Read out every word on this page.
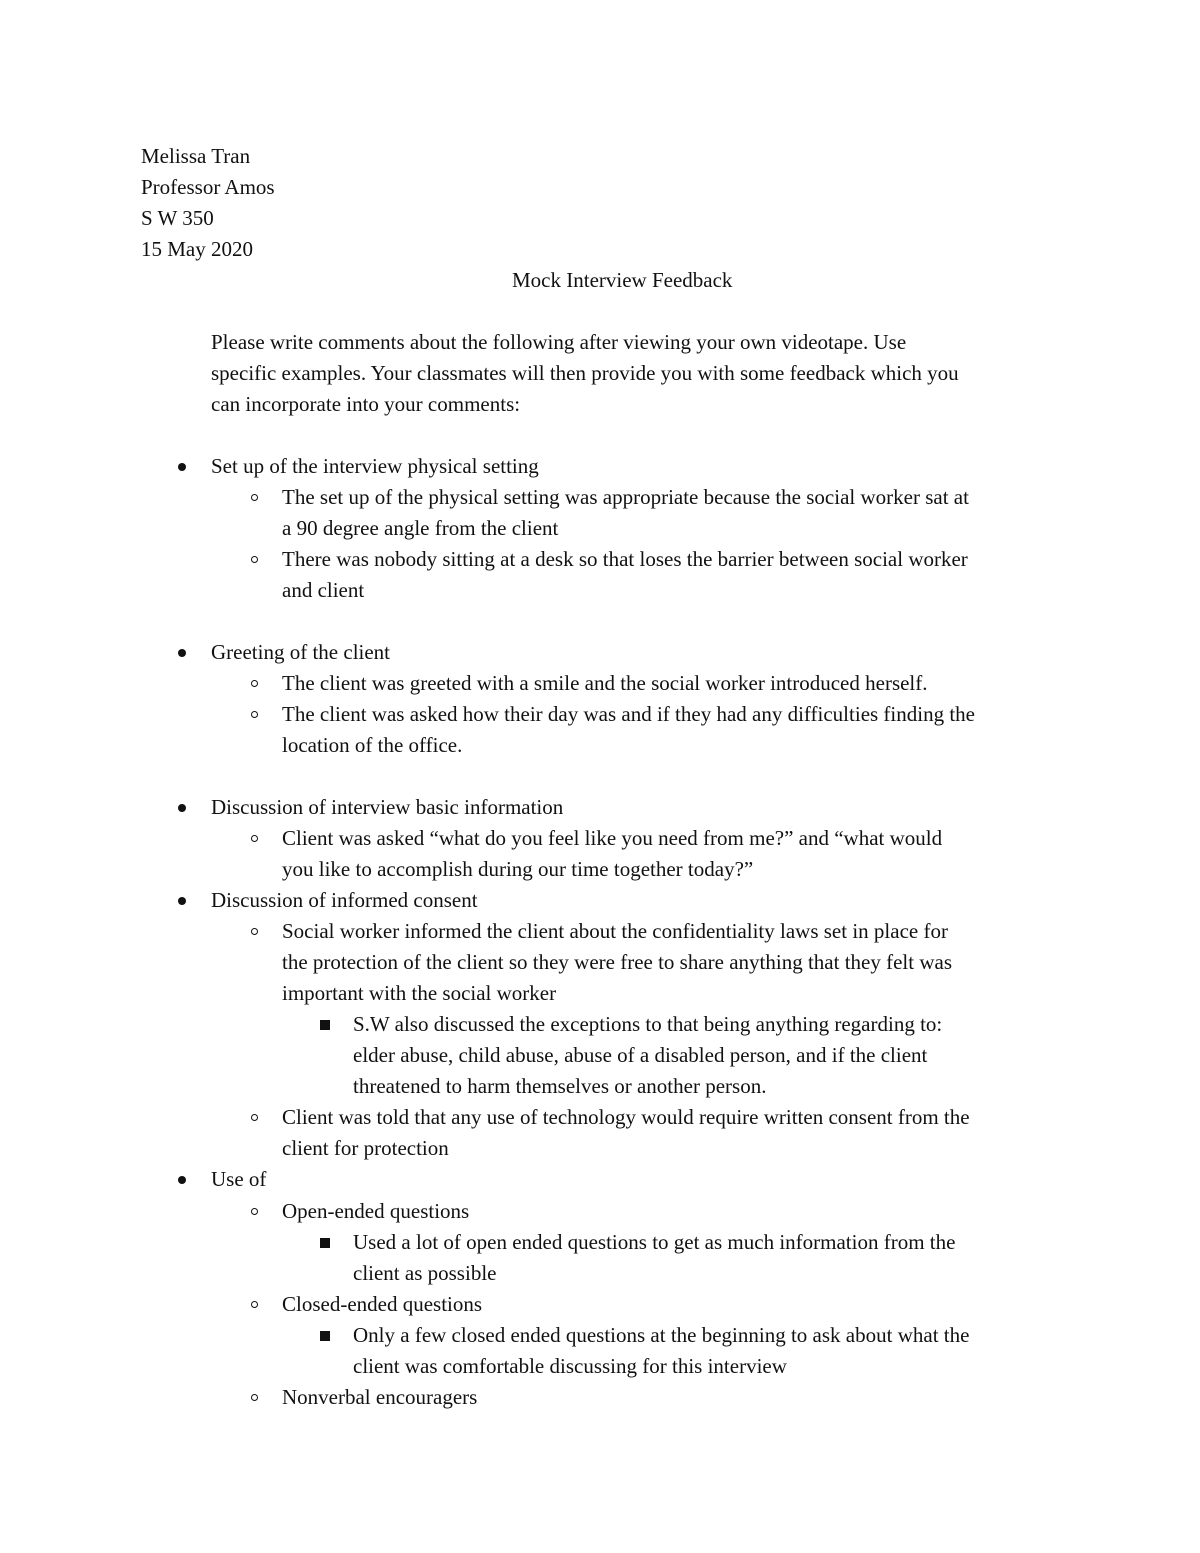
Melissa Tran
Professor Amos
S W 350
15 May 2020
Mock Interview Feedback
Please write comments about the following after viewing your own videotape. Use
specific examples. Your classmates will then provide you with some feedback which you
can incorporate into your comments:
Set up of the interview physical setting
The set up of the physical setting was appropriate because the social worker sat at
a 90 degree angle from the client
There was nobody sitting at a desk so that loses the barrier between social worker
and client
Greeting of the client
The client was greeted with a smile and the social worker introduced herself.
The client was asked how their day was and if they had any difficulties finding the
location of the office.
Discussion of interview basic information
Client was asked “what do you feel like you need from me?” and “what would
you like to accomplish during our time together today?”
Discussion of informed consent
Social worker informed the client about the confidentiality laws set in place for
the protection of the client so they were free to share anything that they felt was
important with the social worker
S.W also discussed the exceptions to that being anything regarding to:
elder abuse, child abuse, abuse of a disabled person, and if the client
threatened to harm themselves or another person.
Client was told that any use of technology would require written consent from the
client for protection
Use of
Open-ended questions
Used a lot of open ended questions to get as much information from the
client as possible
Closed-ended questions
Only a few closed ended questions at the beginning to ask about what the
client was comfortable discussing for this interview
Nonverbal encouragers
